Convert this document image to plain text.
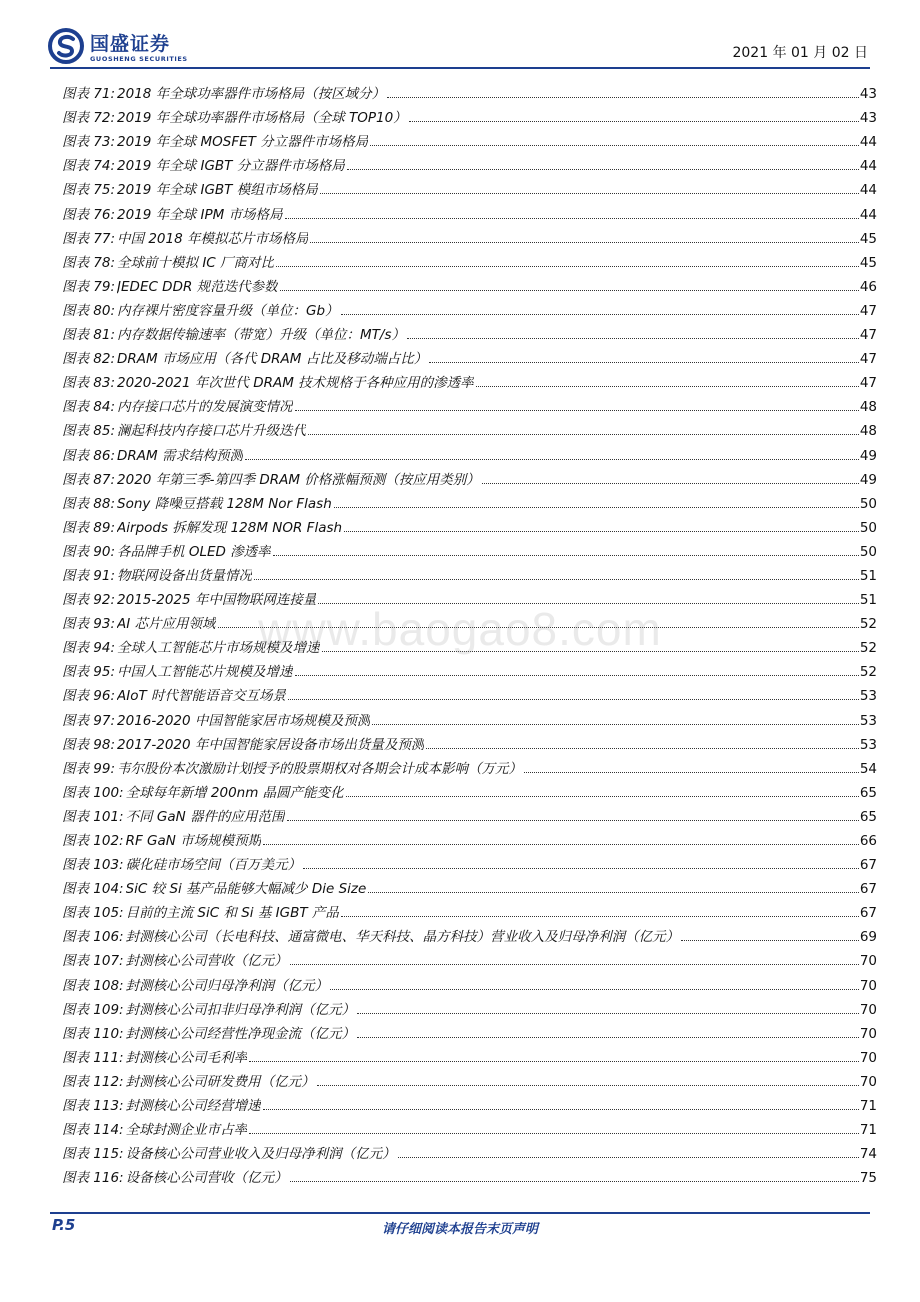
国盛证券
GUOSHENG SECURITIES	2021 年 01 月 02 日
图表 71: 2018 年全球功率器件市场格局（按区域分）	43
图表 72: 2019 年全球功率器件市场格局（全球 TOP10）	43
图表 73: 2019 年全球 MOSFET 分立器件市场格局	44
图表 74: 2019 年全球 IGBT 分立器件市场格局	44
图表 75: 2019 年全球 IGBT 模组市场格局	44
图表 76: 2019 年全球 IPM 市场格局	44
图表 77: 中国 2018 年模拟芯片市场格局	45
图表 78: 全球前十模拟 IC 厂商对比	45
图表 79: JEDEC DDR 规范迭代参数	46
图表 80: 内存裸片密度容量升级（单位：Gb）	47
图表 81: 内存数据传输速率（带宽）升级（单位：MT/s）	47
图表 82: DRAM 市场应用（各代 DRAM 占比及移动端占比）	47
图表 83: 2020-2021 年次世代 DRAM 技术规格于各种应用的渗透率	47
图表 84: 内存接口芯片的发展演变情况	48
图表 85: 澜起科技内存接口芯片升级迭代	48
图表 86: DRAM 需求结构预测	49
图表 87: 2020 年第三季-第四季 DRAM 价格涨幅预测（按应用类别）	49
图表 88: Sony 降噪豆搭载 128M Nor Flash	50
图表 89: Airpods 拆解发现 128M NOR Flash	50
图表 90: 各品牌手机 OLED 渗透率	50
图表 91: 物联网设备出货量情况	51
图表 92: 2015-2025 年中国物联网连接量	51
图表 93: AI 芯片应用领域	52
图表 94: 全球人工智能芯片市场规模及增速	52
图表 95: 中国人工智能芯片规模及增速	52
图表 96: AIoT 时代智能语音交互场景	53
图表 97: 2016-2020 中国智能家居市场规模及预测	53
图表 98: 2017-2020 年中国智能家居设备市场出货量及预测	53
图表 99: 韦尔股份本次激励计划授予的股票期权对各期会计成本影响（万元）	54
图表 100: 全球每年新增 200nm 晶圆产能变化	65
图表 101: 不同 GaN 器件的应用范围	65
图表 102: RF GaN 市场规模预期	66
图表 103: 碳化硅市场空间（百万美元）	67
图表 104: SiC 较 Si 基产品能够大幅减少 Die Size	67
图表 105: 目前的主流 SiC 和 Si 基 IGBT 产品	67
图表 106: 封测核心公司（长电科技、通富微电、华天科技、晶方科技）营业收入及归母净利润（亿元）	69
图表 107: 封测核心公司营收（亿元）	70
图表 108: 封测核心公司归母净利润（亿元）	70
图表 109: 封测核心公司扣非归母净利润（亿元）	70
图表 110: 封测核心公司经营性净现金流（亿元）	70
图表 111: 封测核心公司毛利率	70
图表 112: 封测核心公司研发费用（亿元）	70
图表 113: 封测核心公司经营增速	71
图表 114: 全球封测企业市占率	71
图表 115: 设备核心公司营业收入及归母净利润（亿元）	74
图表 116: 设备核心公司营收（亿元）	75
www.baogao8.com
P.5	请仔细阅读本报告末页声明
